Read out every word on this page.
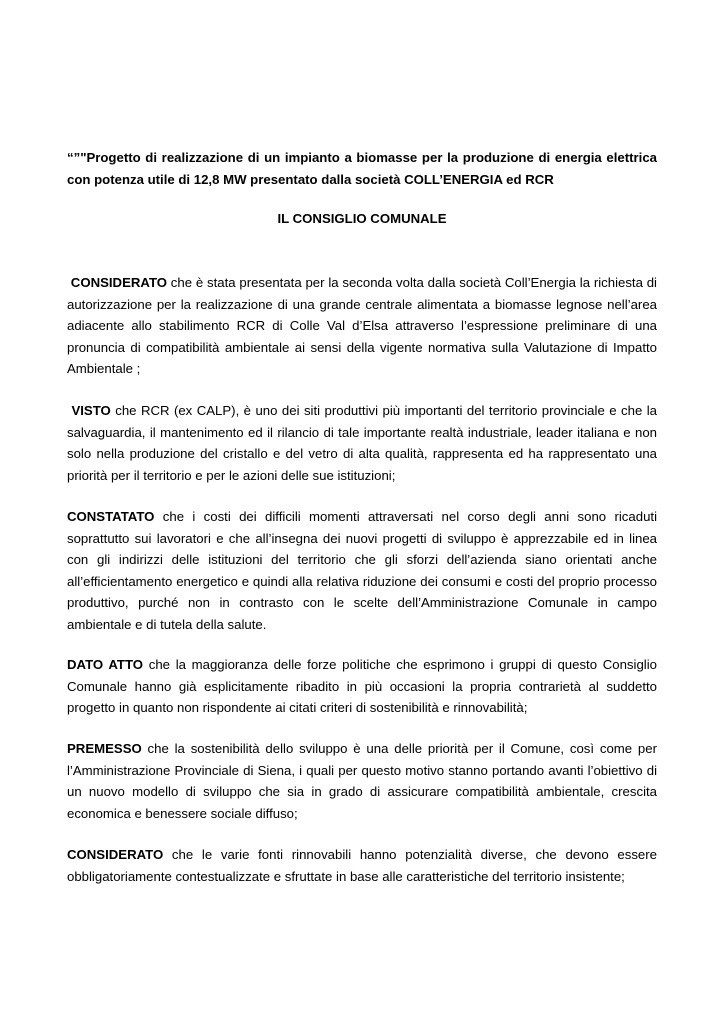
“”"Progetto di realizzazione di un impianto a biomasse per la produzione di energia elettrica con potenza utile di 12,8 MW presentato dalla società COLL’ENERGIA ed RCR

IL CONSIGLIO COMUNALE

CONSIDERATO che è stata presentata per la seconda volta dalla società Coll’Energia la richiesta di autorizzazione per la realizzazione di una grande centrale alimentata a biomasse legnose nell’area adiacente allo stabilimento RCR di Colle Val d’Elsa attraverso l’espressione preliminare di una pronuncia di compatibilità ambientale ai sensi della vigente normativa sulla Valutazione di Impatto Ambientale ;

VISTO che RCR (ex CALP), è uno dei siti produttivi più importanti del territorio provinciale e che la salvaguardia, il mantenimento ed il rilancio di tale importante realtà industriale, leader italiana e non solo nella produzione del cristallo e del vetro di alta qualità, rappresenta ed ha rappresentato una priorità per il territorio e per le azioni delle sue istituzioni;

CONSTATATO che i costi dei difficili momenti attraversati nel corso degli anni sono ricaduti soprattutto sui lavoratori e che all’insegna dei nuovi progetti di sviluppo è apprezzabile ed in linea con gli indirizzi delle istituzioni del territorio che gli sforzi dell’azienda siano orientati anche all’efficientamento energetico e quindi alla relativa riduzione dei consumi e costi del proprio processo produttivo, purché non in contrasto con le scelte dell’Amministrazione Comunale in campo ambientale e di tutela della salute.

DATO ATTO che la maggioranza delle forze politiche che esprimono i gruppi di questo Consiglio Comunale hanno già esplicitamente ribadito in più occasioni la propria contrarietà al suddetto progetto in quanto non rispondente ai citati criteri di sostenibilità e rinnovabilità;

PREMESSO che la sostenibilità dello sviluppo è una delle priorità per il Comune, così come per l’Amministrazione Provinciale di Siena, i quali per questo motivo stanno portando avanti l’obiettivo di un nuovo modello di sviluppo che sia in grado di assicurare compatibilità ambientale, crescita economica e benessere sociale diffuso;

CONSIDERATO che le varie fonti rinnovabili hanno potenzialità diverse, che devono essere obbligatoriamente contestualizzate e sfruttate in base alle caratteristiche del territorio insistente;
